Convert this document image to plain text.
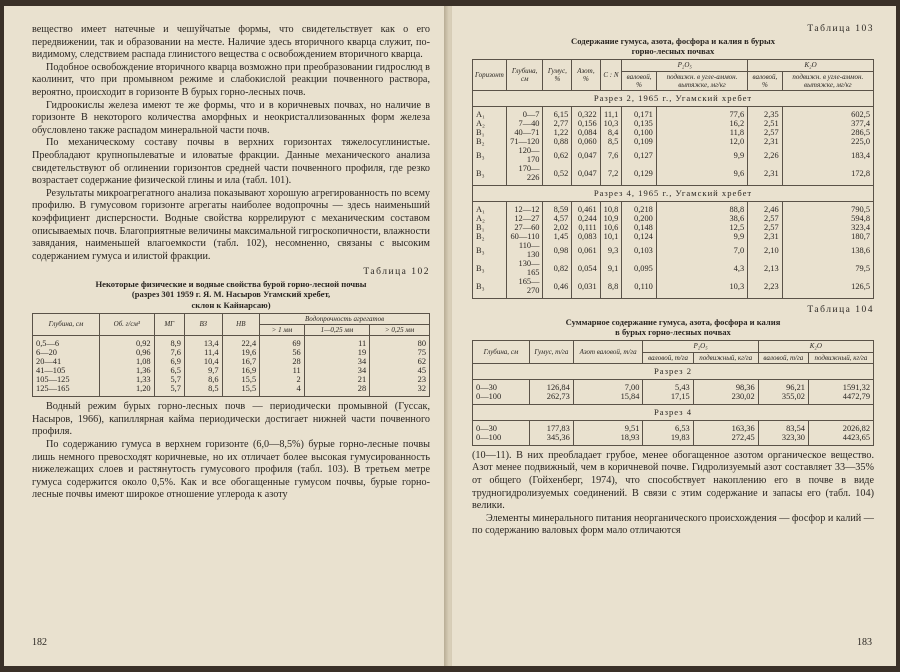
вещество имеет натечные и чешуйчатые формы, что свидетельствует как о его передвижении, так и образовании на месте. Наличие здесь вторичного кварца служит, по-видимому, следствием распада глинистого вещества с освобождением вторичного кварца.

Подобное освобождение вторичного кварца возможно при преобразовании гидрослюд в каолинит, что при промывном режиме и слабокислой реакции почвенного раствора, вероятно, происходит в горизонте B бурых горно-лесных почв.

Гидроокислы железа имеют те же формы, что и в коричневых почвах, но наличие в горизонте B некоторого количества аморфных и неокристаллизованных форм железа обусловлено также распадом минеральной части почв.

По механическому составу почвы в верхних горизонтах тяжелосуглинистые. Преобладают крупнопылеватые и иловатые фракции. Данные механического анализа свидетельствуют об оглинении горизонтов средней части почвенного профиля, где резко возрастает содержание физической глины и ила (табл. 101).

Результаты микроагрегатного анализа показывают хорошую агрегированность по всему профилю. В гумусовом горизонте агрегаты наиболее водопрочны — здесь наименьший коэффициент дисперсности. Водные свойства коррелируют с механическим составом описываемых почв. Благоприятные величины максимальной гигроскопичности, влажности завядания, наименьшей влагоемкости (табл. 102), несомненно, связаны с высоким содержанием гумуса и илистой фракции.

Таблица 102
Некоторые физические и водные свойства бурой горно-лесной почвы
(разрез 301 1959 г. Я. М. Насыров Угамский хребет,
склон к Кайнарсаю)
Глубина, см	Об. г/см³	МГ	ВЗ	НВ	Водопрочность агрегатов		
					> 1 мм	1—0,25 мм	> 0,25 мм
0,5—6	0,92	8,9	13,4	22,4	69	11	80
6—20	0,96	7,6	11,4	19,6	56	19	75
20—41	1,08	6,9	10,4	16,7	28	34	62
41—105	1,36	6,5	9,7	16,9	11	34	45
105—125	1,33	5,7	8,6	15,5	2	21	23
125—165	1,20	5,7	8,5	15,5	4	28	32

Водный режим бурых горно-лесных почв — периодически промывной (Гуссак, Насыров, 1966), капиллярная кайма периодически достигает нижней части почвенного профиля.

По содержанию гумуса в верхнем горизонте (6,0—8,5%) бурые горно-лесные почвы лишь немного превосходят коричневые, но их отличает более высокая гумусированность нижележащих слоев и растянутость гумусового профиля (табл. 103). В третьем метре гумуса содержится около 0,5%. Как и все обогащенные гумусом почвы, бурые горно-лесные почвы имеют широкое отношение углерода к азоту

182
Таблица 103
Содержание гумуса, азота, фосфора и калия в бурых
горно-лесных почвах
Горизонт	Глубина, см	Гумус, %	Азот, %	C : N	P₂O₅		K₂O	
					валовой, %	подвижн. в угле-аммон. вытяжке, мг/кг	валовой, %	подвижн. в угле-аммон. вытяжке, мг/кг
Разрез 2, 1965 г., Угамский хребет								
A₁	0—7	6,15	0,322	11,1	0,171	77,6	2,35	602,5
A₂	7—40	2,77	0,156	10,3	0,135	16,2	2,51	377,4
B₁	40—71	1,22	0,084	8,4	0,100	11,8	2,57	286,5
B₂	71—120	0,88	0,060	8,5	0,109	12,0	2,31	225,0
B₃	120—170	0,62	0,047	7,6	0,127	9,9	2,26	183,4
B₃	170—226	0,52	0,047	7,2	0,129	9,6	2,31	172,8
Разрез 4, 1965 г., Угамский хребет								
A₁	12—12	8,59	0,461	10,8	0,218	88,8	2,46	790,5
A₂	12—27	4,57	0,244	10,9	0,200	38,6	2,57	594,8
B₁	27—60	2,02	0,111	10,6	0,148	12,5	2,57	323,4
B₂	60—110	1,45	0,083	10,1	0,124	9,9	2,31	180,7
B₃	110—130	0,98	0,061	9,3	0,103	7,0	2,10	138,6
B₃	130—165	0,82	0,054	9,1	0,095	4,3	2,13	79,5
B₃	165—270	0,46	0,031	8,8	0,110	10,3	2,23	126,5
Таблица 104
Суммарное содержание гумуса, азота, фосфора и калия
в бурых горно-лесных почвах
Глубина, см	Гумус, т/га	Азот валовой, т/га	P₂O₅		K₂O	
			валовой, т/га	подвижный, кг/га	валовой, т/га	подвижный, кг/га
Разрез 2						
0—30	126,84	7,00	5,43	98,36	96,21	1591,32
0—100	262,73	15,84	17,15	230,02	355,02	4472,79
Разрез 4						
0—30	177,83	9,51	6,53	163,36	83,54	2026,82
0—100	345,36	18,93	19,83	272,45	323,30	4423,65

(10—11). В них преобладает грубое, менее обогащенное азотом органическое вещество. Азот менее подвижный, чем в коричневой почве. Гидролизуемый азот составляет 33—35% от общего (Гойхенберг, 1974), что способствует накоплению его в почве в виде трудногидролизуемых соединений. В связи с этим содержание и запасы его (табл. 104) велики.

Элементы минерального питания неорганического происхождения — фосфор и калий — по содержанию валовых форм мало отличаются

183
